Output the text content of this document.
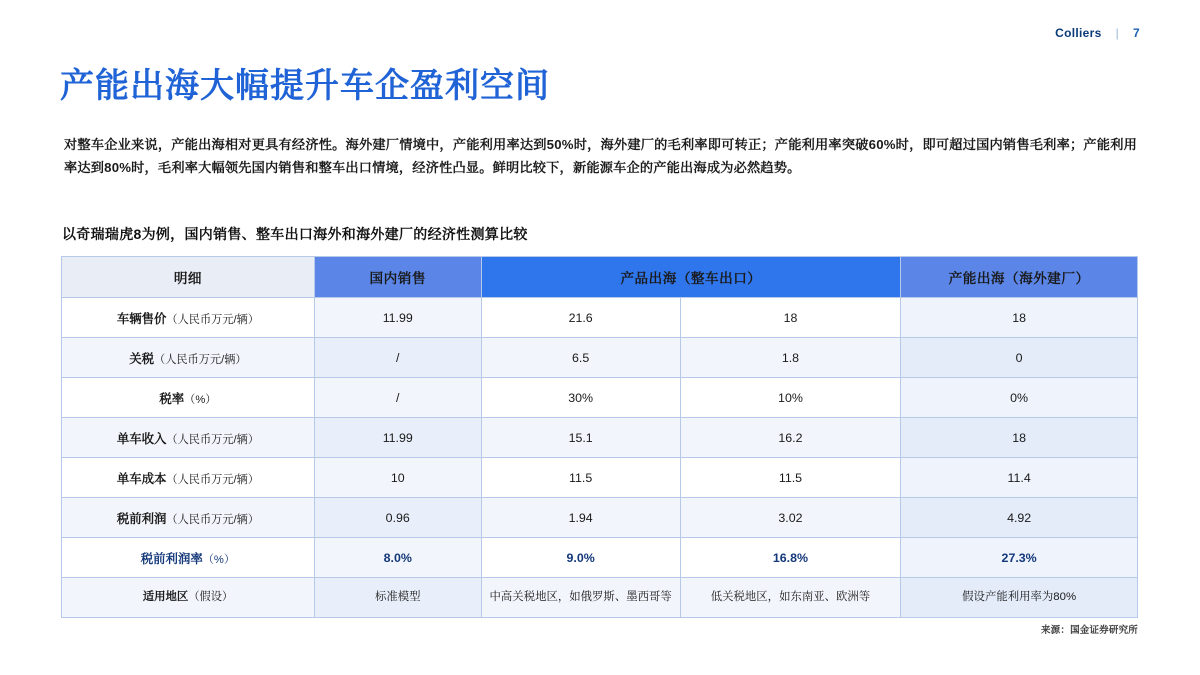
Colliers | 7
产能出海大幅提升车企盈利空间
对整车企业来说，产能出海相对更具有经济性。海外建厂情境中，产能利用率达到50%时，海外建厂的毛利率即可转正；产能利用率突破60%时，即可超过国内销售毛利率；产能利用率达到80%时，毛利率大幅领先国内销售和整车出口情境，经济性凸显。鲜明比较下，新能源车企的产能出海成为必然趋势。
以奇瑞瑞虎8为例，国内销售、整车出口海外和海外建厂的经济性测算比较
明细	国内销售	产品出海（整车出口）		产能出海（海外建厂）
车辆售价（人民币万元/辆）	11.99	21.6	18	18
关税（人民币万元/辆）	/	6.5	1.8	0
税率（%）	/	30%	10%	0%
单车收入（人民币万元/辆）	11.99	15.1	16.2	18
单车成本（人民币万元/辆）	10	11.5	11.5	11.4
税前利润（人民币万元/辆）	0.96	1.94	3.02	4.92
税前利润率（%）	8.0%	9.0%	16.8%	27.3%
适用地区（假设）	标准模型	中高关税地区，如俄罗斯、墨西哥等	低关税地区，如东南亚、欧洲等	假设产能利用率为80%
来源：国金证券研究所
